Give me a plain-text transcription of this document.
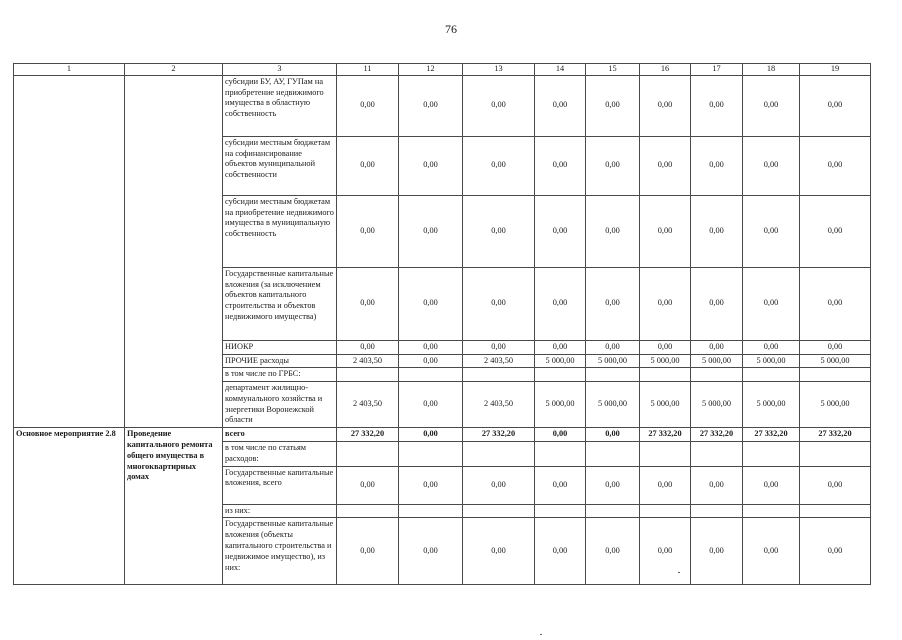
76
1	2	3	11	12	13	14	15	16	17	18	19
		субсидии БУ, АУ, ГУПам на приобретение недвижимого имущества в областную собственность	0,00	0,00	0,00	0,00	0,00	0,00	0,00	0,00	0,00
		субсидии местным бюджетам на софинансирование объектов муниципальной собственности	0,00	0,00	0,00	0,00	0,00	0,00	0,00	0,00	0,00
		субсидии местным бюджетам на приобретение недвижимого имущества в муниципальную собственность	0,00	0,00	0,00	0,00	0,00	0,00	0,00	0,00	0,00
		Государственные капитальные вложения (за исключением объектов капитального строительства и объектов недвижимого имущества)	0,00	0,00	0,00	0,00	0,00	0,00	0,00	0,00	0,00
		НИОКР	0,00	0,00	0,00	0,00	0,00	0,00	0,00	0,00	0,00
		ПРОЧИЕ расходы	2 403,50	0,00	2 403,50	5 000,00	5 000,00	5 000,00	5 000,00	5 000,00	5 000,00
		в том числе по ГРБС:									
		департамент жилищно-коммунального хозяйства и энергетики Воронежской области	2 403,50	0,00	2 403,50	5 000,00	5 000,00	5 000,00	5 000,00	5 000,00	5 000,00
Основное мероприятие 2.8	Проведение капитального ремонта общего имущества в многоквартирных домах	всего	27 332,20	0,00	27 332,20	0,00	0,00	27 332,20	27 332,20	27 332,20	27 332,20
		в том числе по статьям расходов:									
		Государственные капитальные вложения, всего	0,00	0,00	0,00	0,00	0,00	0,00	0,00	0,00	0,00
		из них:									
		Государственные капитальные вложения (объекты капитального строительства и недвижимое имущество), из них:	0,00	0,00	0,00	0,00	0,00	0,00	0,00	0,00	0,00
